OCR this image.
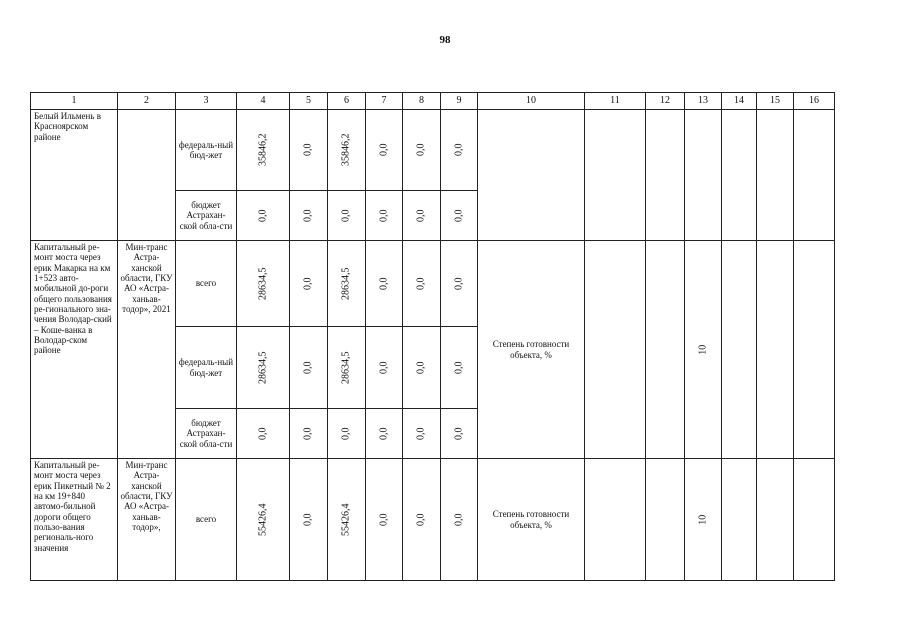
98
1	2	3	4	5	6	7	8	9	10	11	12	13	14	15	16
Белый Ильмень в Красноярском районе		федераль-ный бюд-жет	35846,2	0,0	35846,2	0,0	0,0	0,0							
		бюджет Астрахан-ской обла-сти	0,0	0,0	0,0	0,0	0,0	0,0							
Капитальный ре-монт моста через ерик Макарка на км 1+523 авто-мобильной до-роги общего пользования ре-гионального зна-чения Володар-ский – Коше-ванка в Володар-ском районе	Мин-транс Астра-ханской области, ГКУ АО «Астра-ханьав-тодор», 2021	всего	28634,5	0,0	28634,5	0,0	0,0	0,0	Степень готовности объекта, %			10			
		федераль-ный бюд-жет	28634,5	0,0	28634,5	0,0	0,0	0,0							
		бюджет Астрахан-ской обла-сти	0,0	0,0	0,0	0,0	0,0	0,0							
Капитальный ре-монт моста через ерик Пикетный № 2 на км 19+840 автомо-бильной дороги общего пользо-вания региональ-ного значения	Мин-транс Астра-ханской области, ГКУ АО «Астра-ханьав-тодор»,	всего	55426,4	0,0	55426,4	0,0	0,0	0,0	Степень готовности объекта, %			10			
